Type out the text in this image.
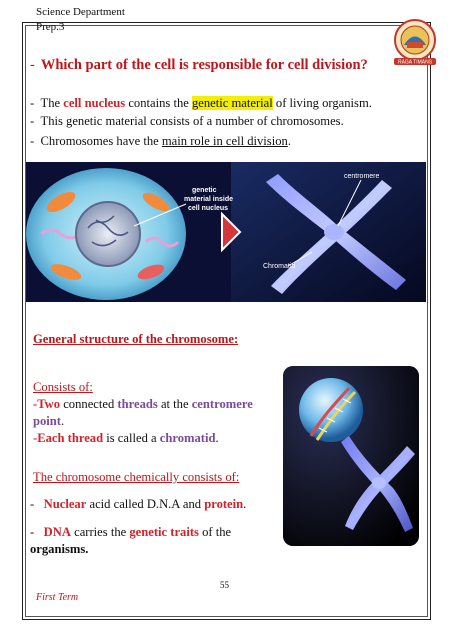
Science Department
Prep.3
RAGA TIMANS
- Which part of the cell is responsible for cell division?
- The cell nucleus contains the genetic material of living organism.
- This genetic material consists of a number of chromosomes.
- Chromosomes have the main role in cell division.
genetic material inside cell nucleus
centromere
Chromatid
General structure of the chromosome:
Consists of:
-Two connected threads at the centromere point.
-Each thread is called a chromatid.
The chromosome chemically consists of:
- Nuclear acid called D.N.A and protein.
- DNA carries the genetic traits of the
organisms.
55
First Term
